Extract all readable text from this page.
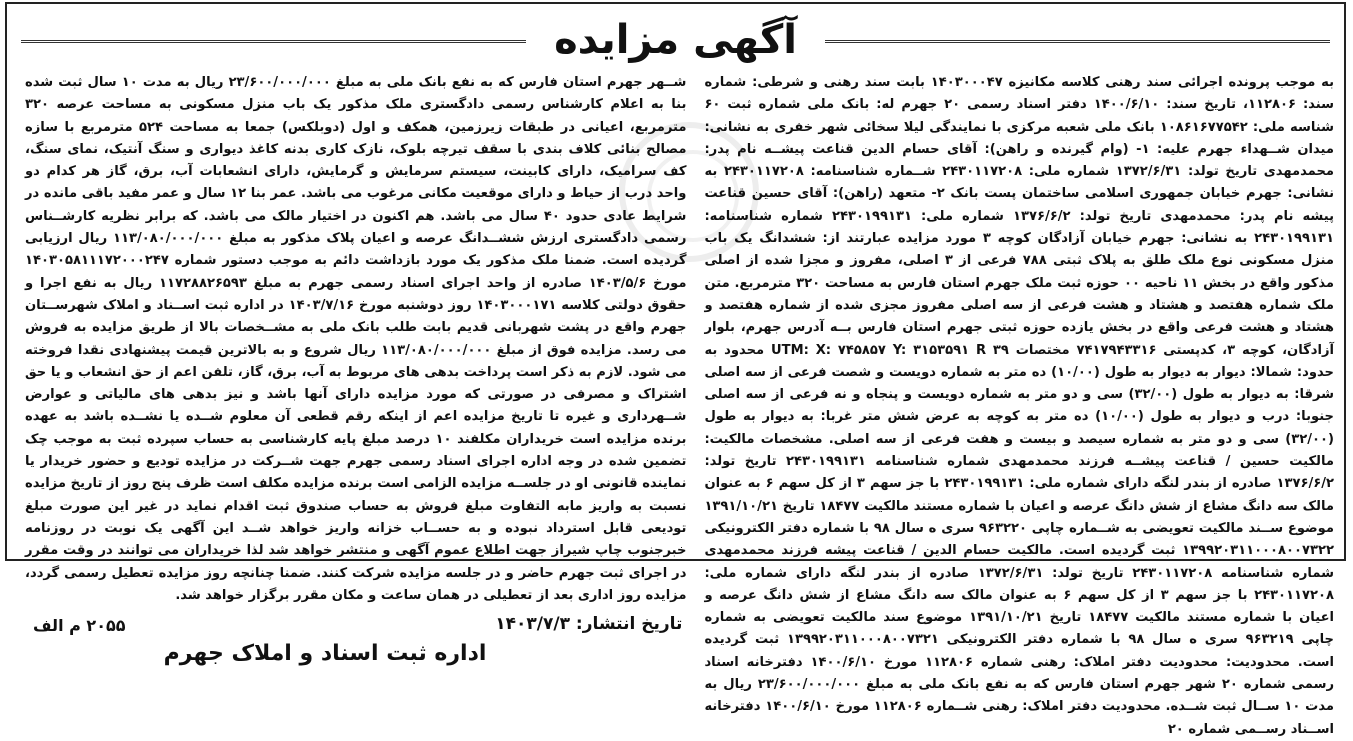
آگهی مزایده
به موجب پرونده اجرائی سند رهنی کلاسه مکانیزه ۱۴۰۳۰۰۰۴۷ بابت سند رهنی و شرطی: شماره سند: ۱۱۲۸۰۶، تاریخ سند: ۱۴۰۰/۶/۱۰ دفتر اسناد رسمی ۲۰ جهرم له: بانک ملی شماره ثبت ۶۰ شناسه ملی: ۱۰۸۶۱۶۷۷۵۴۲ بانک ملی شعبه مرکزی با نمایندگی لیلا سخائی شهر خفری به نشانی: میدان شــهداء جهرم علیه: ۱- (وام گیرنده و راهن): آقای حسام الدین قناعت پیشــه نام پدر: محمدمهدی تاریخ تولد: ۱۳۷۲/۶/۳۱ شماره ملی: ۲۴۳۰۱۱۷۲۰۸ شــماره شناسنامه: ۲۴۳۰۱۱۷۲۰۸ به نشانی: جهرم خیابان جمهوری اسلامی ساختمان پست بانک ۲- متعهد (راهن): آقای حسین قناعت پیشه نام پدر: محمدمهدی تاریخ تولد: ۱۳۷۶/۶/۲ شماره ملی: ۲۴۳۰۱۹۹۱۳۱ شماره شناسنامه: ۲۴۳۰۱۹۹۱۳۱ به نشانی: جهرم خیابان آزادگان کوچه ۳ مورد مزایده عبارتند از: ششدانگ یک باب منزل مسکونی نوع ملک طلق به پلاک ثبتی ۷۸۸ فرعی از ۳ اصلی، مفروز و مجزا شده از اصلی مذکور واقع در بخش ۱۱ ناحیه ۰۰ حوزه ثبت ملک جهرم استان فارس به مساحت ۳۲۰ مترمربع. متن ملک شماره هفتصد و هشتاد و هشت فرعی از سه اصلی مفروز مجزی شده از شماره هفتصد و هشتاد و هشت فرعی واقع در بخش یازده حوزه ثبتی جهرم استان فارس بــه آدرس جهرم، بلوار آزادگان، کوچه ۳، کدپستی ۷۴۱۷۹۴۳۳۱۶ مختصات UTM: X: ۷۴۵۸۵۷ Y: ۳۱۵۳۵۹۱ R ۳۹ محدود به حدود: شمالا: دیوار به دیوار به طول (۱۰/۰۰) ده متر به شماره دویست و شصت فرعی از سه اصلی شرقا: به دیوار به طول (۳۲/۰۰) سی و دو متر به شماره دویست و پنجاه و نه فرعی از سه اصلی جنوبا: درب و دیوار به طول (۱۰/۰۰) ده متر به کوچه به عرض شش متر غربا: به دیوار به طول (۳۲/۰۰) سی و دو متر به شماره سیصد و بیست و هفت فرعی از سه اصلی. مشخصات مالکیت: مالکیت حسین / قناعت پیشــه فرزند محمدمهدی شماره شناسنامه ۲۴۳۰۱۹۹۱۳۱ تاریخ تولد: ۱۳۷۶/۶/۲ صادره از بندر لنگه دارای شماره ملی: ۲۴۳۰۱۹۹۱۳۱ با جز سهم ۳ از کل سهم ۶ به عنوان مالک سه دانگ مشاع از شش دانگ عرصه و اعیان با شماره مستند مالکیت ۱۸۴۷۷ تاریخ ۱۳۹۱/۱۰/۲۱ موضوع ســند مالکیت تعویضی به شــماره چاپی ۹۶۳۲۲۰ سری ه سال ۹۸ با شماره دفتر الکترونیکی ۱۳۹۹۲۰۳۱۱۰۰۰۸۰۰۷۳۲۲ ثبت گردیده است. مالکیت حسام الدین / قناعت پیشه فرزند محمدمهدی شماره شناسنامه ۲۴۳۰۱۱۷۲۰۸ تاریخ تولد: ۱۳۷۲/۶/۳۱ صادره از بندر لنگه دارای شماره ملی: ۲۴۳۰۱۱۷۲۰۸ با جز سهم ۳ از کل سهم ۶ به عنوان مالک سه دانگ مشاع از شش دانگ عرصه و اعیان با شماره مستند مالکیت ۱۸۴۷۷ تاریخ ۱۳۹۱/۱۰/۲۱ موضوع سند مالکیت تعویضی به شماره چاپی ۹۶۳۲۱۹ سری ه سال ۹۸ با شماره دفتر الکترونیکی ۱۳۹۹۲۰۳۱۱۰۰۰۸۰۰۷۳۲۱ ثبت گردیده است. محدودیت: محدودیت دفتر املاک: رهنی شماره ۱۱۲۸۰۶ مورخ ۱۴۰۰/۶/۱۰ دفترخانه اسناد رسمی شماره ۲۰ شهر جهرم استان فارس که به نفع بانک ملی به مبلغ ۲۳/۶۰۰/۰۰۰/۰۰۰ ریال به مدت ۱۰ ســال ثبت شــده. محدودیت دفتر املاک: رهنی شــماره ۱۱۲۸۰۶ مورخ ۱۴۰۰/۶/۱۰ دفترخانه اســناد رســمی شماره ۲۰
شــهر جهرم استان فارس که به نفع بانک ملی به مبلغ ۲۳/۶۰۰/۰۰۰/۰۰۰ ریال به مدت ۱۰ سال ثبت شده بنا به اعلام کارشناس رسمی دادگستری ملک مذکور یک باب منزل مسکونی به مساحت عرصه ۳۲۰ مترمربع، اعیانی در طبقات زیرزمین، همکف و اول (دوبلکس) جمعا به مساحت ۵۲۴ مترمربع با سازه مصالح بنائی کلاف بندی با سقف تیرچه بلوک، نازک کاری بدنه کاغذ دیواری و سنگ آنتیک، نمای سنگ، کف سرامیک، دارای کابینت، سیستم سرمایش و گرمایش، دارای انشعابات آب، برق، گاز هر کدام دو واحد درب از حیاط و دارای موقعیت مکانی مرغوب می باشد. عمر بنا ۱۲ سال و عمر مفید باقی مانده در شرایط عادی حدود ۴۰ سال می باشد. هم اکنون در اختیار مالک می باشد. که برابر نظریه کارشــناس رسمی دادگستری ارزش ششــدانگ عرصه و اعیان پلاک مذکور به مبلغ ۱۱۳/۰۸۰/۰۰۰/۰۰۰ ریال ارزیابی گردیده است. ضمنا ملک مذکور یک مورد بازداشت دائم به موجب دستور شماره ۱۴۰۳۰۵۸۱۱۱۷۲۰۰۰۲۴۷ مورخ ۱۴۰۳/۵/۶ صادره از واحد اجرای اسناد رسمی جهرم به مبلغ ۱۱۷۲۸۸۲۶۵۹۳ ریال به نفع اجرا و حقوق دولتی کلاسه ۱۴۰۳۰۰۰۱۷۱ روز دوشنبه مورخ ۱۴۰۳/۷/۱۶ در اداره ثبت اســناد و املاک شهرســتان جهرم واقع در پشت شهربانی قدیم بابت طلب بانک ملی به مشــخصات بالا از طریق مزایده به فروش می رسد. مزایده فوق از مبلغ ۱۱۳/۰۸۰/۰۰۰/۰۰۰ ریال شروع و به بالاترین قیمت پیشنهادی نقدا فروخته می شود. لازم به ذکر است پرداخت بدهی های مربوط به آب، برق، گاز، تلفن اعم از حق انشعاب و یا حق اشتراک و مصرفی در صورتی که مورد مزایده دارای آنها باشد و نیز بدهی های مالیاتی و عوارض شــهرداری و غیره تا تاریخ مزایده اعم از اینکه رقم قطعی آن معلوم شــده یا نشــده باشد به عهده برنده مزایده است خریداران مکلفند ۱۰ درصد مبلغ پایه کارشناسی به حساب سپرده ثبت به موجب چک تضمین شده در وجه اداره اجرای اسناد رسمی جهرم جهت شــرکت در مزایده تودیع و حضور خریدار یا نماینده قانونی او در جلســه مزایده الزامی است برنده مزایده مکلف است ظرف پنج روز از تاریخ مزایده نسبت به واریز مابه التفاوت مبلغ فروش به حساب صندوق ثبت اقدام نماید در غیر این صورت مبلغ تودیعی قابل استرداد نبوده و به حســاب خزانه واریز خواهد شــد این آگهی یک نوبت در روزنامه خبرجنوب چاپ شیراز جهت اطلاع عموم آگهی و منتشر خواهد شد لذا خریداران می توانند در وقت مقرر در اجرای ثبت جهرم حاضر و در جلسه مزایده شرکت کنند. ضمنا چنانچه روز مزایده تعطیل رسمی گردد، مزایده روز اداری بعد از تعطیلی در همان ساعت و مکان مقرر برگزار خواهد شد.
تاریخ انتشار: ۱۴۰۳/۷/۳
اداره ثبت اسناد و املاک جهرم
۲۰۵۵ م الف
